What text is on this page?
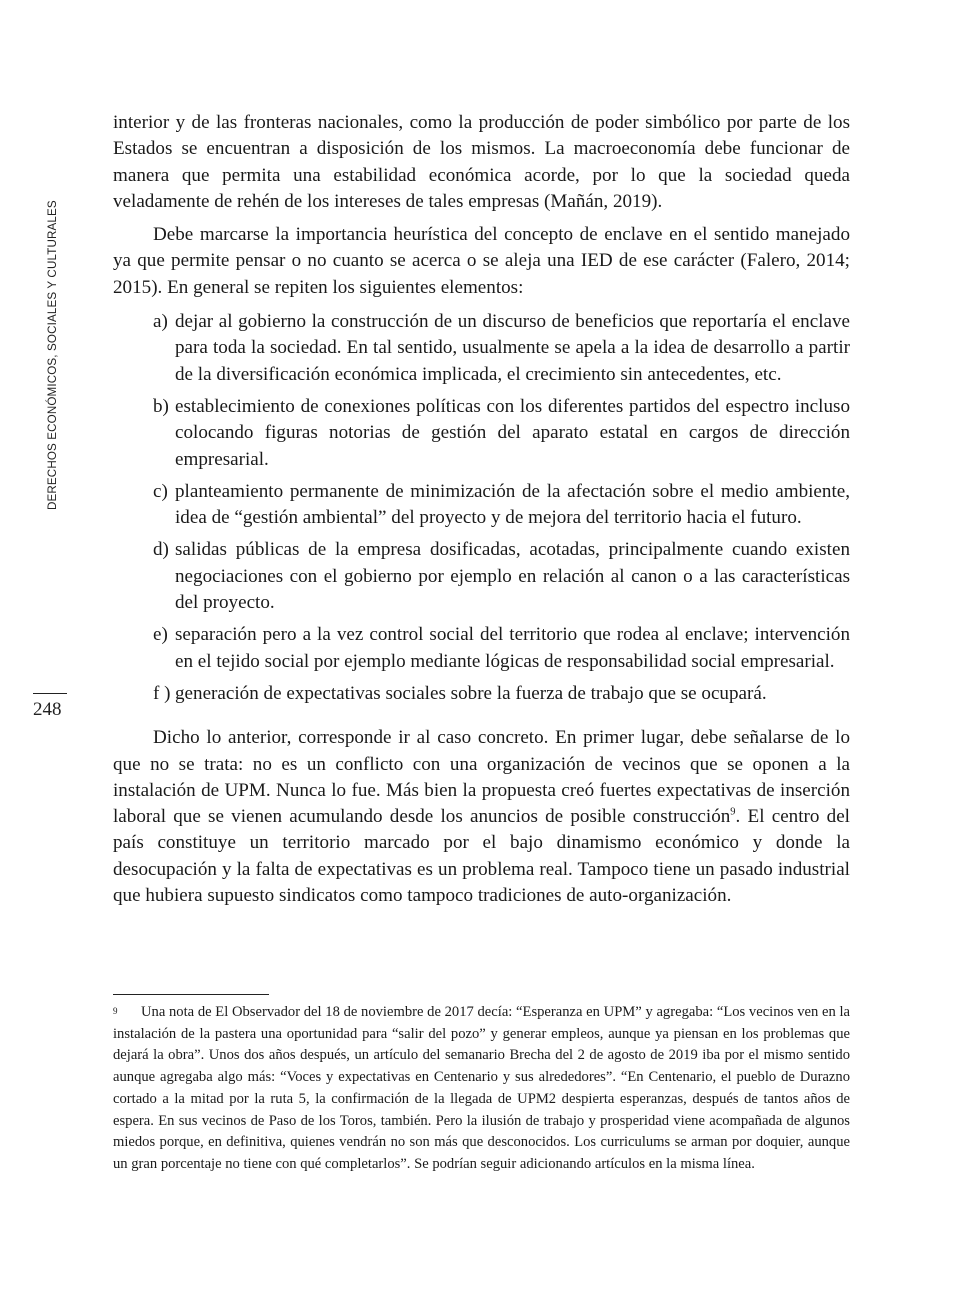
DERECHOS ECONÓMICOS, SOCIALES Y CULTURALES
248

interior y de las fronteras nacionales, como la producción de poder simbólico por parte de los Estados se encuentran a disposición de los mismos. La macroeconomía debe funcionar de manera que permita una estabilidad económica acorde, por lo que la sociedad queda veladamente de rehén de los intereses de tales empresas (Mañán, 2019).

Debe marcarse la importancia heurística del concepto de enclave en el sentido manejado ya que permite pensar o no cuanto se acerca o se aleja una IED de ese carácter (Falero, 2014; 2015). En general se repiten los siguientes elementos:

a) dejar al gobierno la construcción de un discurso de beneficios que reportaría el enclave para toda la sociedad. En tal sentido, usualmente se apela a la idea de desarrollo a partir de la diversificación económica implicada, el crecimiento sin antecedentes, etc.
b) establecimiento de conexiones políticas con los diferentes partidos del espectro incluso colocando figuras notorias de gestión del aparato estatal en cargos de dirección empresarial.
c) planteamiento permanente de minimización de la afectación sobre el medio ambiente, idea de “gestión ambiental” del proyecto y de mejora del territorio hacia el futuro.
d) salidas públicas de la empresa dosificadas, acotadas, principalmente cuando existen negociaciones con el gobierno por ejemplo en relación al canon o a las características del proyecto.
e) separación pero a la vez control social del territorio que rodea al enclave; intervención en el tejido social por ejemplo mediante lógicas de responsabilidad social empresarial.
f ) generación de expectativas sociales sobre la fuerza de trabajo que se ocupará.

Dicho lo anterior, corresponde ir al caso concreto. En primer lugar, debe señalarse de lo que no se trata: no es un conflicto con una organización de vecinos que se oponen a la instalación de UPM. Nunca lo fue. Más bien la propuesta creó fuertes expectativas de inserción laboral que se vienen acumulando desde los anuncios de posible construcción$^9$. El centro del país constituye un territorio marcado por el bajo dinamismo económico y donde la desocupación y la falta de expectativas es un problema real. Tampoco tiene un pasado industrial que hubiera supuesto sindicatos como tampoco tradiciones de auto-organización.

9 Una nota de El Observador del 18 de noviembre de 2017 decía: “Esperanza en UPM” y agregaba: “Los vecinos ven en la instalación de la pastera una oportunidad para “salir del pozo” y generar empleos, aunque ya piensan en los problemas que dejará la obra”. Unos dos años después, un artículo del semanario Brecha del 2 de agosto de 2019 iba por el mismo sentido aunque agregaba algo más: “Voces y expectativas en Centenario y sus alrededores”. “En Centenario, el pueblo de Durazno cortado a la mitad por la ruta 5, la confirmación de la llegada de UPM2 despierta esperanzas, después de tantos años de espera. En sus vecinos de Paso de los Toros, también. Pero la ilusión de trabajo y prosperidad viene acompañada de algunos miedos porque, en definitiva, quienes vendrán no son más que desconocidos. Los curriculums se arman por doquier, aunque un gran porcentaje no tiene con qué completarlos”. Se podrían seguir adicionando artículos en la misma línea.
